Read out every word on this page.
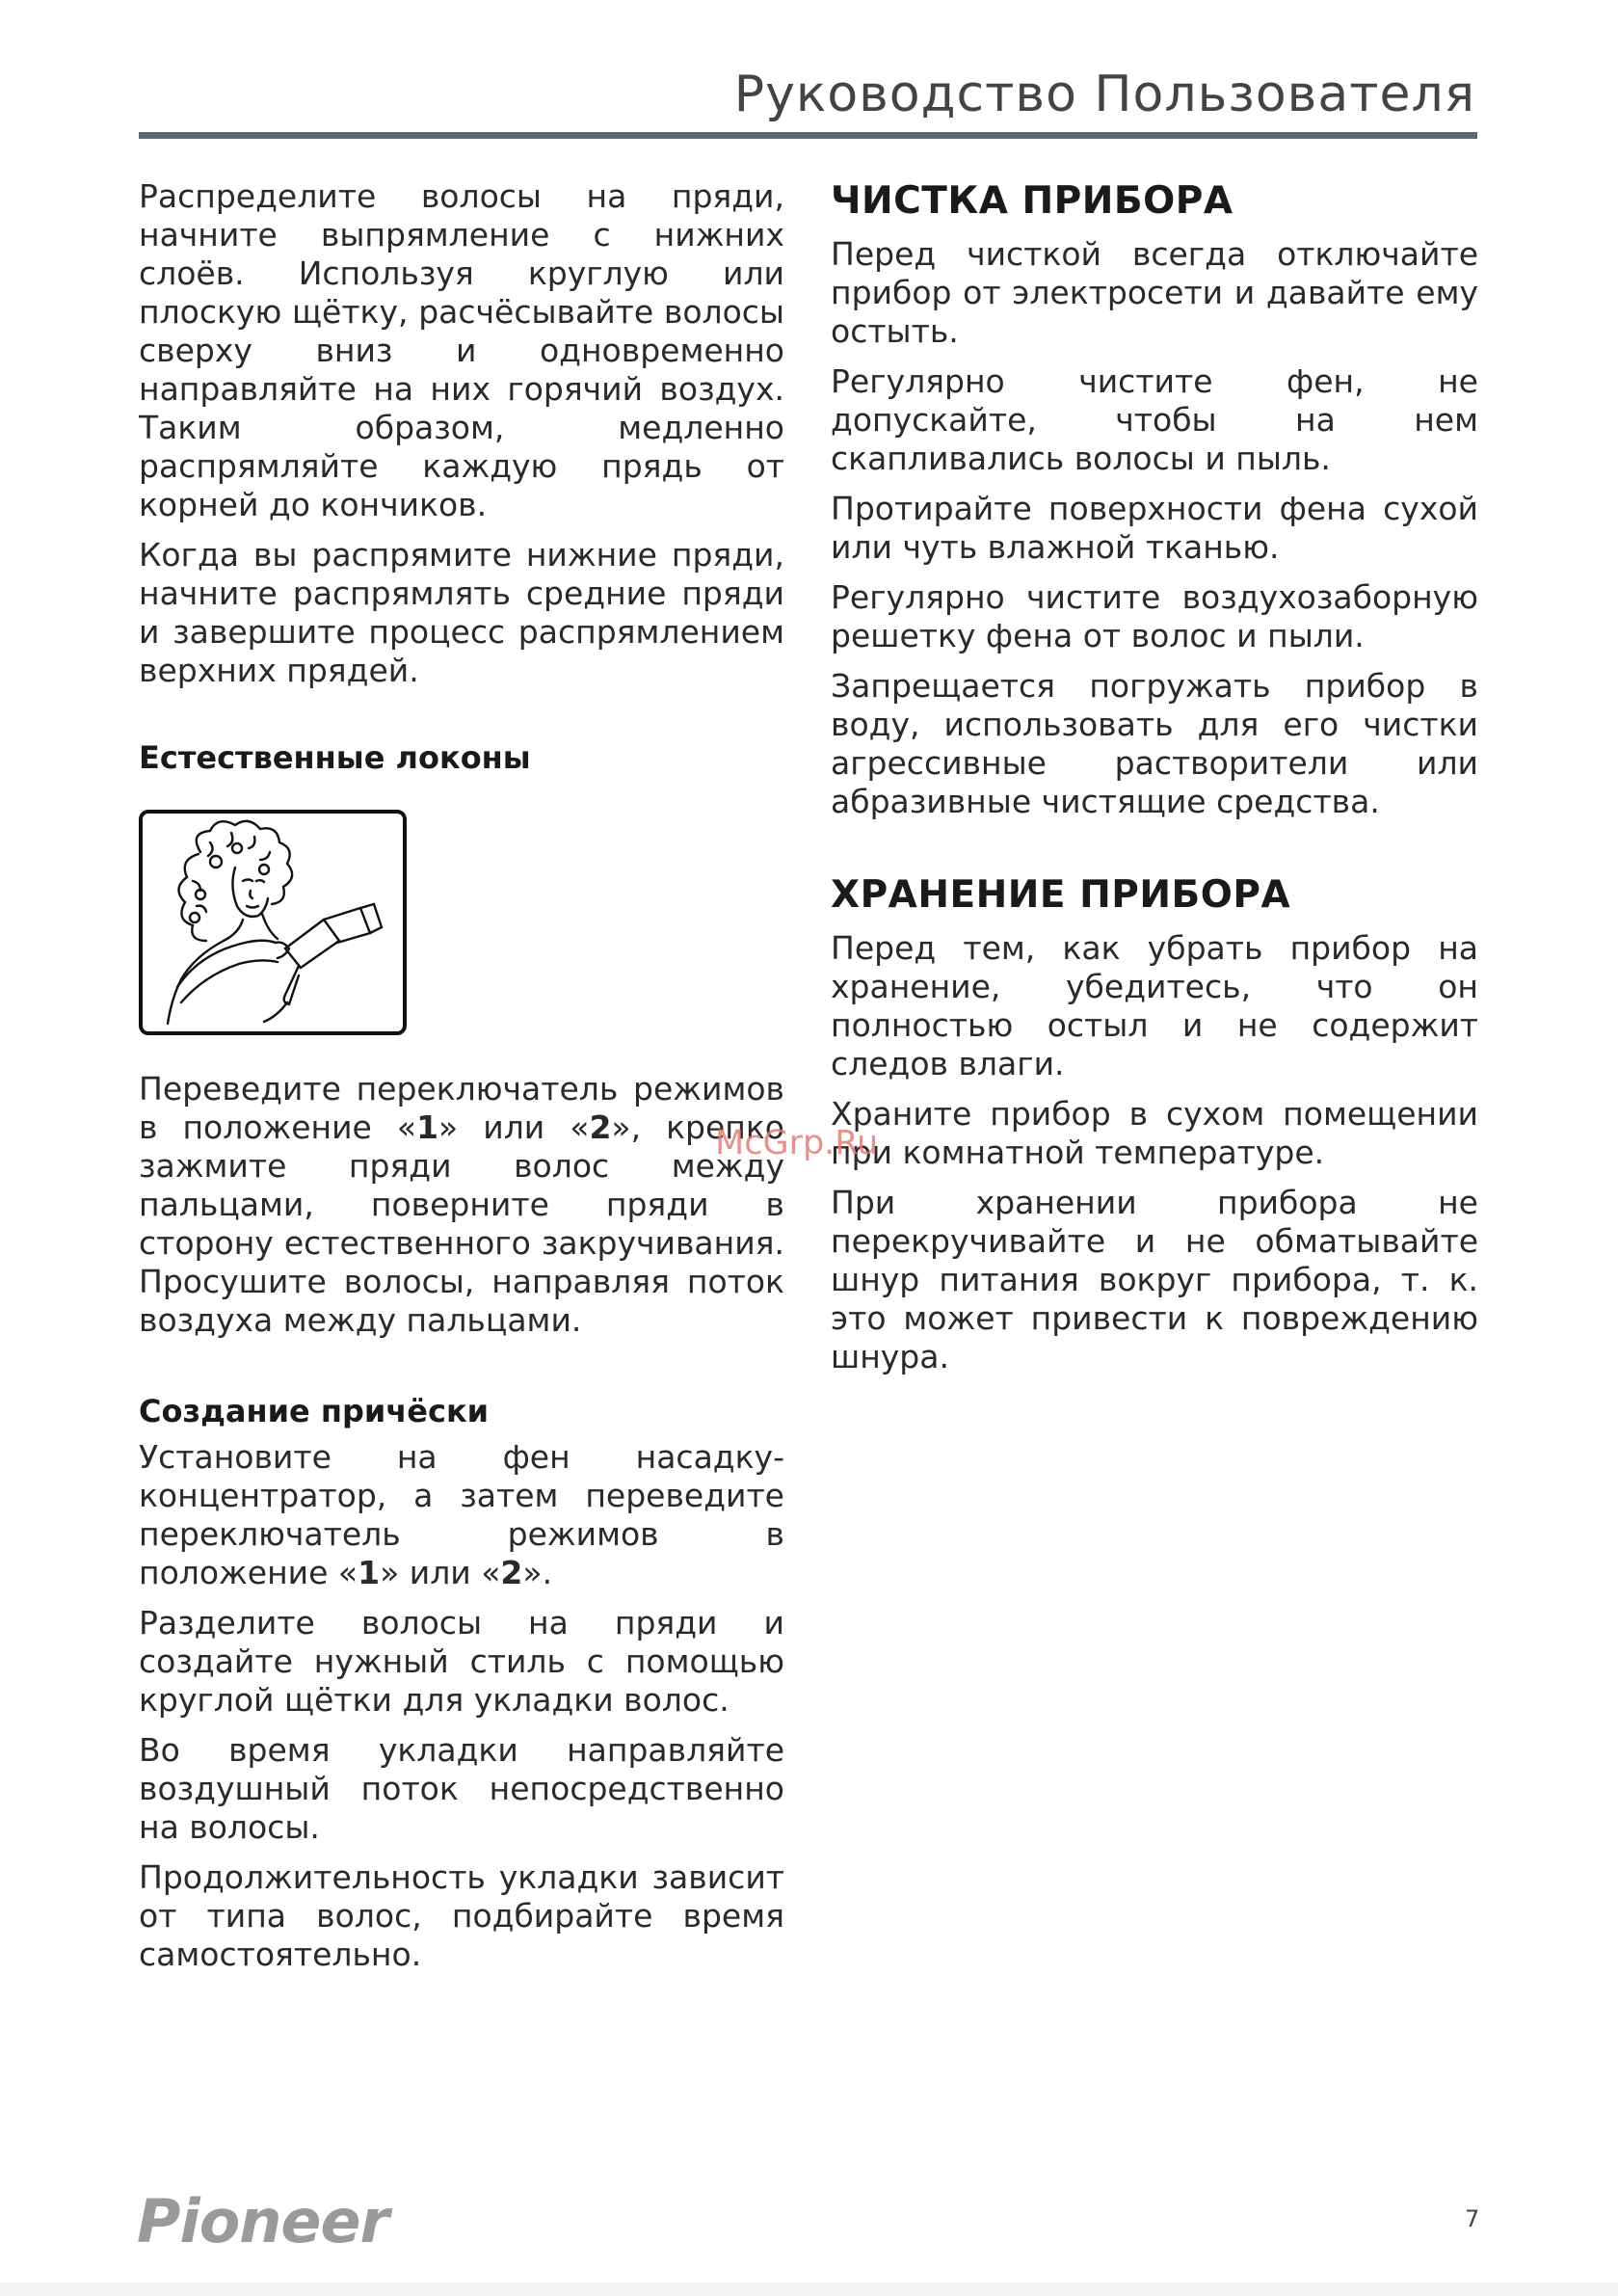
Руководство Пользователя

Распределите волосы на пряди, начните выпрямление с нижних слоёв. Используя круглую или плоскую щётку, расчёсывайте волосы сверху вниз и одновременно направляйте на них горячий воздух. Таким образом, медленно распрямляйте каждую прядь от корней до кончиков.

Когда вы распрямите нижние пряди, начните распрямлять средние пряди и завершите процесс распрямлением верхних прядей.

Естественные локоны

Переведите переключатель режимов в положение «1» или «2», крепко зажмите пряди волос между пальцами, поверните пряди в сторону естественного закручивания. Просушите волосы, направляя поток воздуха между пальцами.

Создание причёски

Установите на фен насадку-концентратор, а затем переведите переключатель режимов в положение «1» или «2».

Разделите волосы на пряди и создайте нужный стиль с помощью круглой щётки для укладки волос.

Во время укладки направляйте воздушный поток непосредственно на волосы.

Продолжительность укладки зависит от типа волос, подбирайте время самостоятельно.

ЧИСТКА ПРИБОРА

Перед чисткой всегда отключайте прибор от электросети и давайте ему остыть.

Регулярно чистите фен, не допускайте, чтобы на нем скапливались волосы и пыль.

Протирайте поверхности фена сухой или чуть влажной тканью.

Регулярно чистите воздухозаборную решетку фена от волос и пыли.

Запрещается погружать прибор в воду, использовать для его чистки агрессивные растворители или абразивные чистящие средства.

ХРАНЕНИЕ ПРИБОРА

Перед тем, как убрать прибор на хранение, убедитесь, что он полностью остыл и не содержит следов влаги.

Храните прибор в сухом помещении при комнатной температуре.

При хранении прибора не перекручивайте и не обматывайте шнур питания вокруг прибора, т. к. это может привести к повреждению шнура.

McGrp.Ru
Pioneer	7
